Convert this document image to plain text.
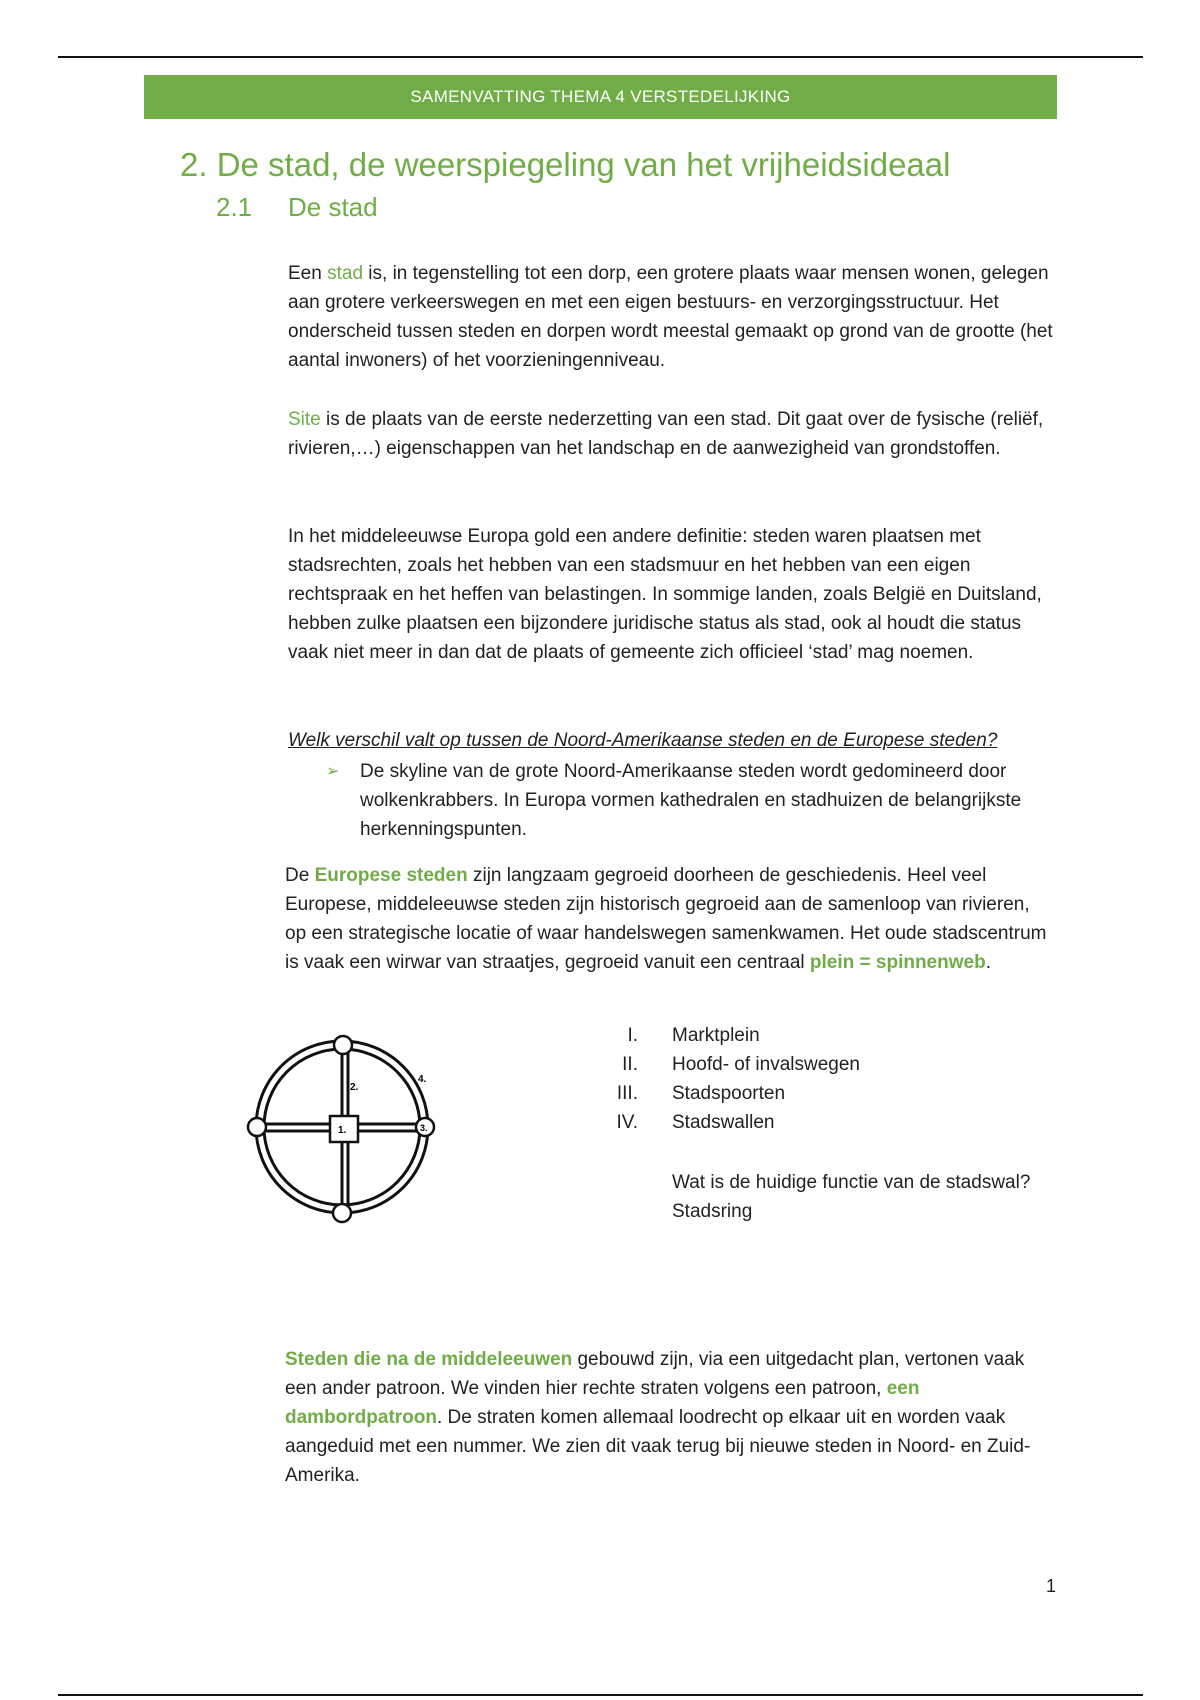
SAMENVATTING THEMA 4 VERSTEDELIJKING
2. De stad, de weerspiegeling van het vrijheidsideaal
2.1 De stad
Een stad is, in tegenstelling tot een dorp, een grotere plaats waar mensen wonen, gelegen aan grotere verkeerswegen en met een eigen bestuurs- en verzorgingsstructuur. Het onderscheid tussen steden en dorpen wordt meestal gemaakt op grond van de grootte (het aantal inwoners) of het voorzieningenniveau.
Site is de plaats van de eerste nederzetting van een stad. Dit gaat over de fysische (reliëf, rivieren,…) eigenschappen van het landschap en de aanwezigheid van grondstoffen.
In het middeleeuwse Europa gold een andere definitie: steden waren plaatsen met stadsrechten, zoals het hebben van een stadsmuur en het hebben van een eigen rechtspraak en het heffen van belastingen. In sommige landen, zoals België en Duitsland, hebben zulke plaatsen een bijzondere juridische status als stad, ook al houdt die status vaak niet meer in dan dat de plaats of gemeente zich officieel ‘stad’ mag noemen.
Welk verschil valt op tussen de Noord-Amerikaanse steden en de Europese steden?
➢ De skyline van de grote Noord-Amerikaanse steden wordt gedomineerd door wolkenkrabbers. In Europa vormen kathedralen en stadhuizen de belangrijkste herkenningspunten.
De Europese steden zijn langzaam gegroeid doorheen de geschiedenis. Heel veel Europese, middeleeuwse steden zijn historisch gegroeid aan de samenloop van rivieren, op een strategische locatie of waar handelswegen samenkwamen. Het oude stadscentrum is vaak een wirwar van straatjes, gegroeid vanuit een centraal plein = spinnenweb.
1.
2.
3.
4.
I. Marktplein
II. Hoofd- of invalswegen
III. Stadspoorten
IV. Stadswallen
Wat is de huidige functie van de stadswal?
Stadsring
Steden die na de middeleeuwen gebouwd zijn, via een uitgedacht plan, vertonen vaak een ander patroon. We vinden hier rechte straten volgens een patroon, een dambordpatroon. De straten komen allemaal loodrecht op elkaar uit en worden vaak aangeduid met een nummer. We zien dit vaak terug bij nieuwe steden in Noord- en Zuid-Amerika.
1
